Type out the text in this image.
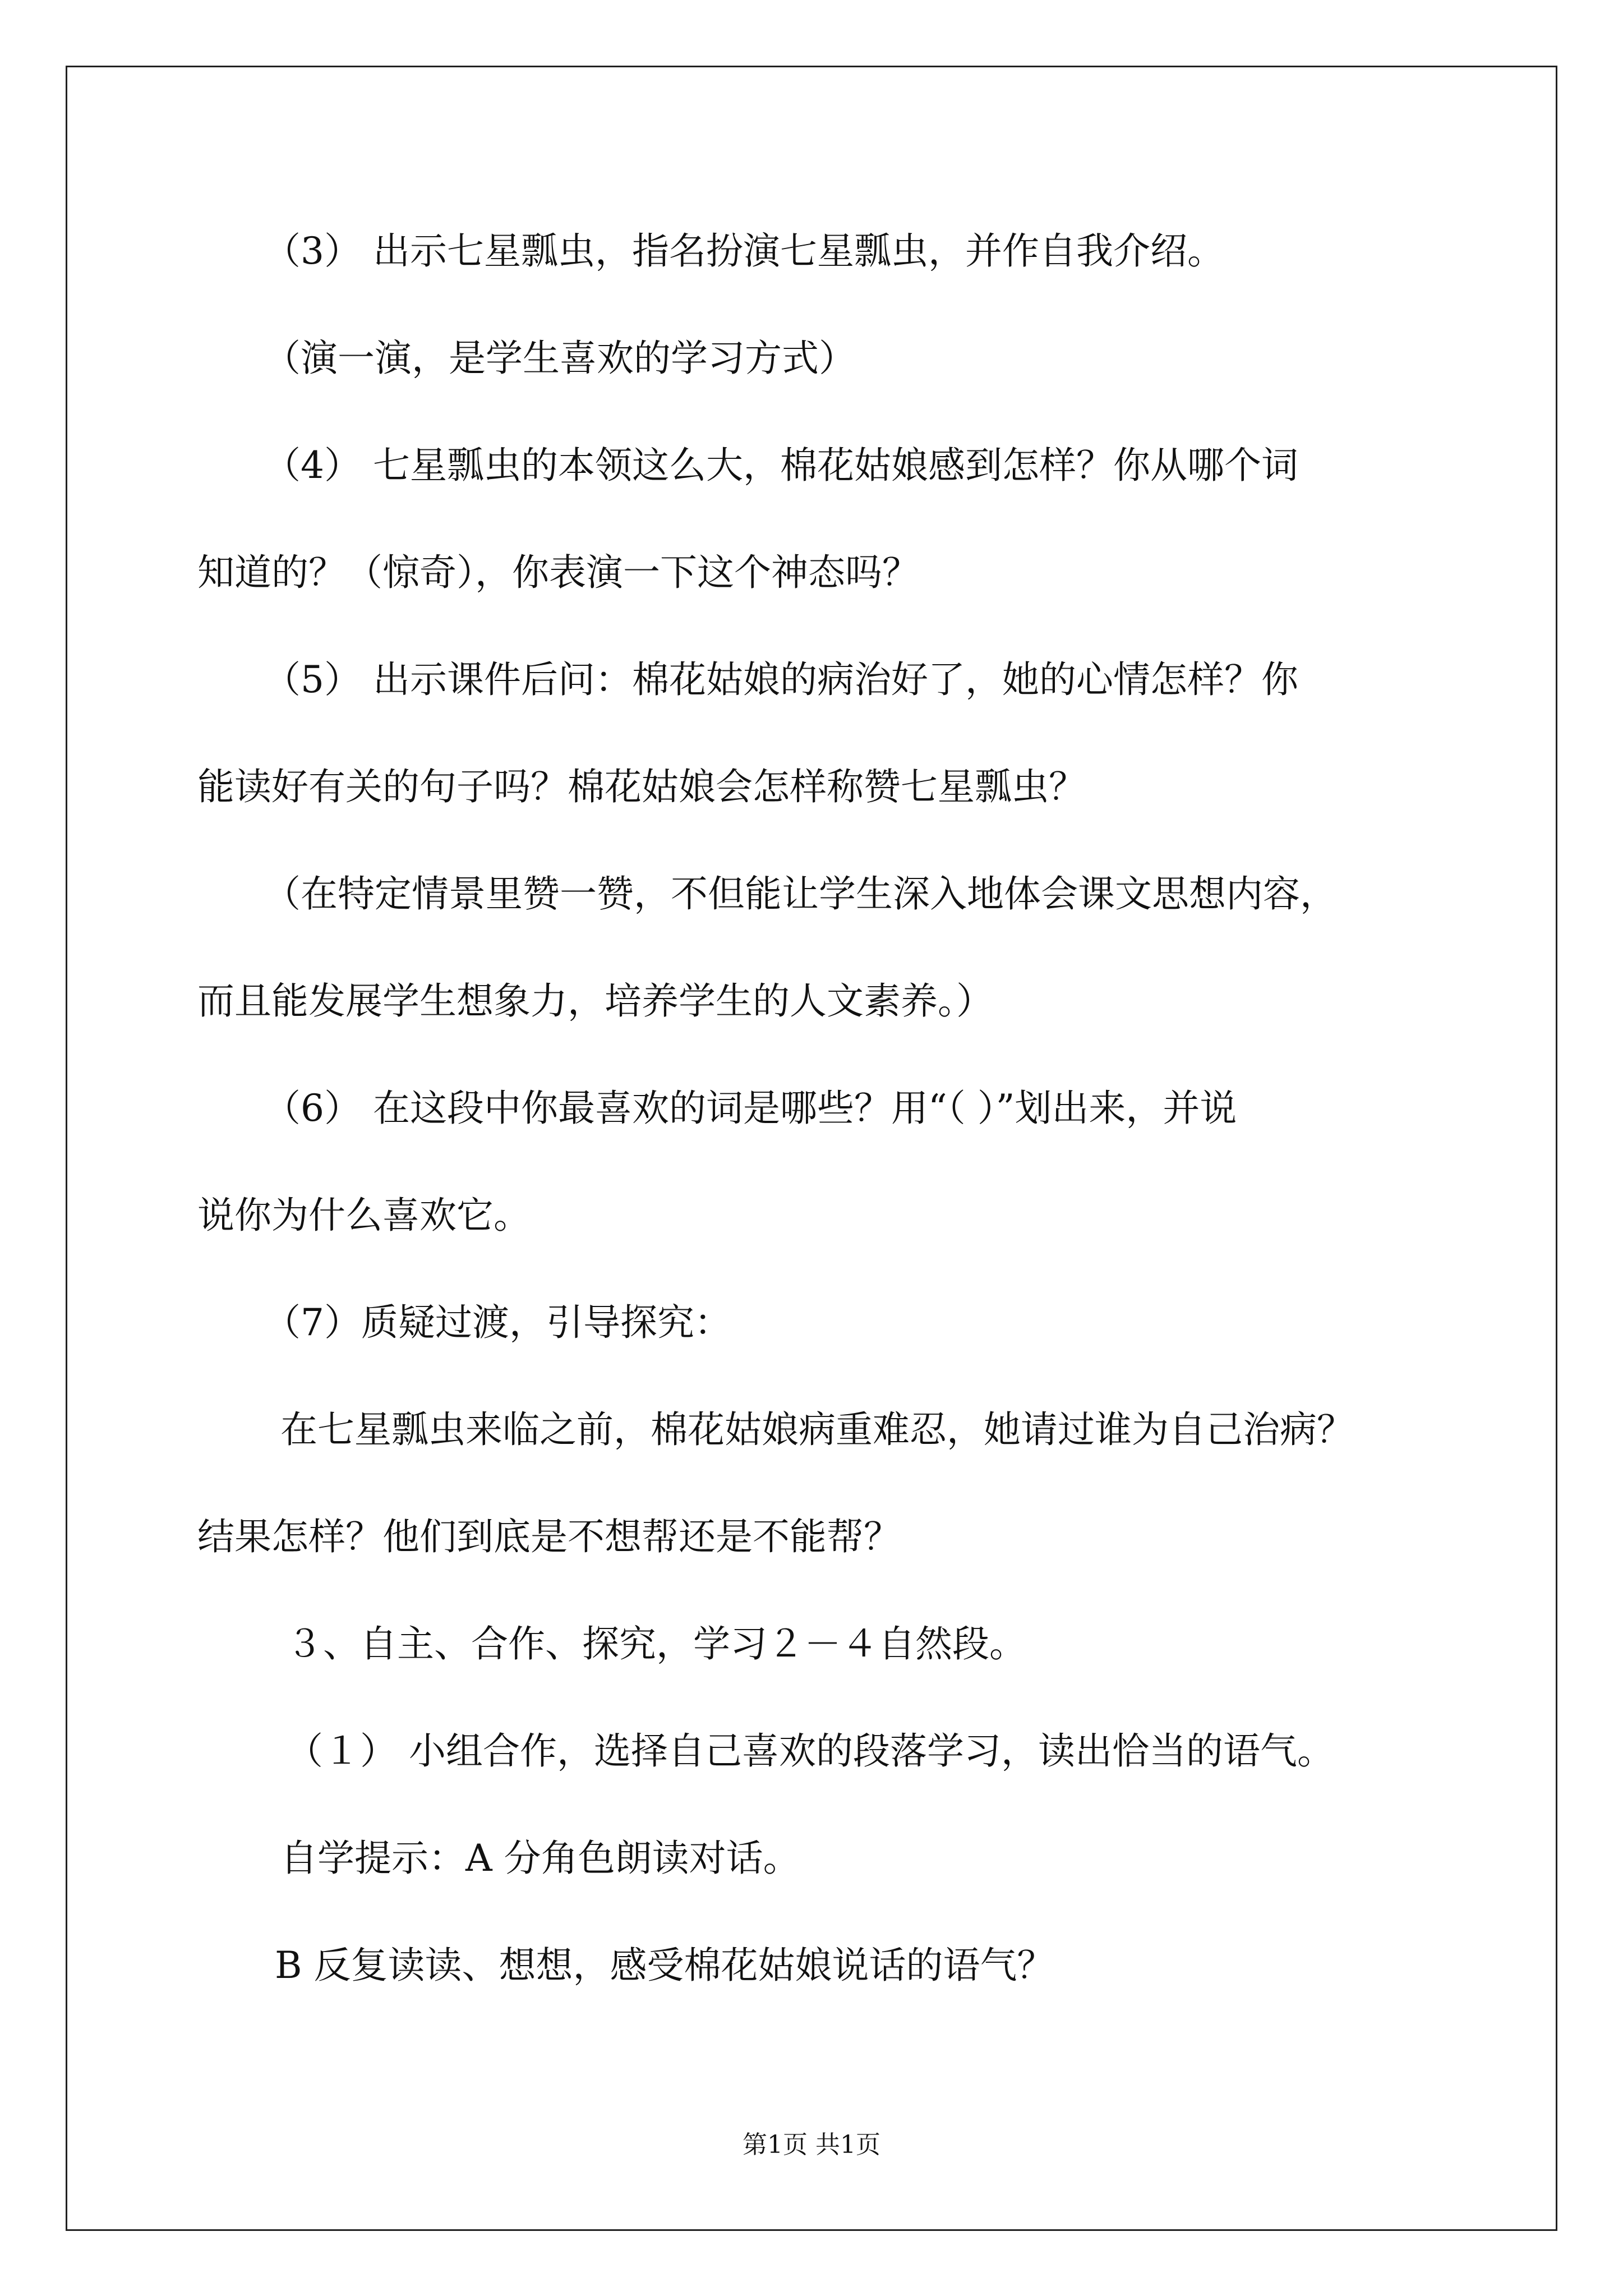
（3） 出示七星瓢虫，指名扮演七星瓢虫，并作自我介绍。
（演一演，是学生喜欢的学习方式）
（4） 七星瓢虫的本领这么大，棉花姑娘感到怎样？你从哪个词
知道的？（惊奇），你表演一下这个神态吗？
（5） 出示课件后问：棉花姑娘的病治好了，她的心情怎样？你
能读好有关的句子吗？棉花姑娘会怎样称赞七星瓢虫？
（在特定情景里赞一赞，不但能让学生深入地体会课文思想内容，
而且能发展学生想象力，培养学生的人文素养。）
（6） 在这段中你最喜欢的词是哪些？用“（ ）”划出来，并说
说你为什么喜欢它。
（7）质疑过渡，引导探究：
在七星瓢虫来临之前，棉花姑娘病重难忍，她请过谁为自己治病？
结果怎样？他们到底是不想帮还是不能帮？
３、自主、合作、探究，学习２－４自然段。
（１） 小组合作，选择自己喜欢的段落学习，读出恰当的语气。
自学提示：A 分角色朗读对话。
B 反复读读、想想，感受棉花姑娘说话的语气？
第1页 共1页
